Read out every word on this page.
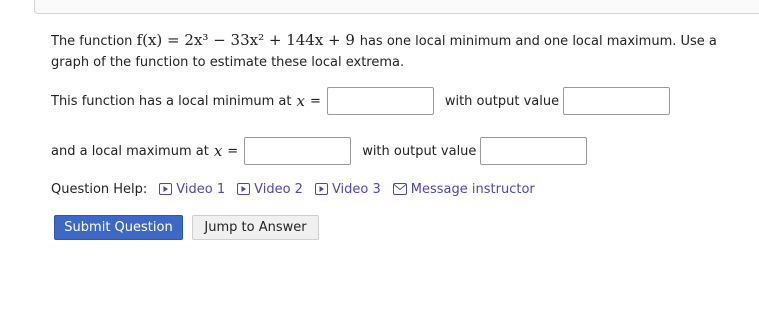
The function f(x) = 2x³ − 33x² + 144x + 9 has one local minimum and one local maximum. Use a graph of the function to estimate these local extrema.
This function has a local minimum at x =	with output value
and a local maximum at x =	with output value
Question Help: Video 1 Video 2 Video 3 Message instructor
Submit Question	Jump to Answer
